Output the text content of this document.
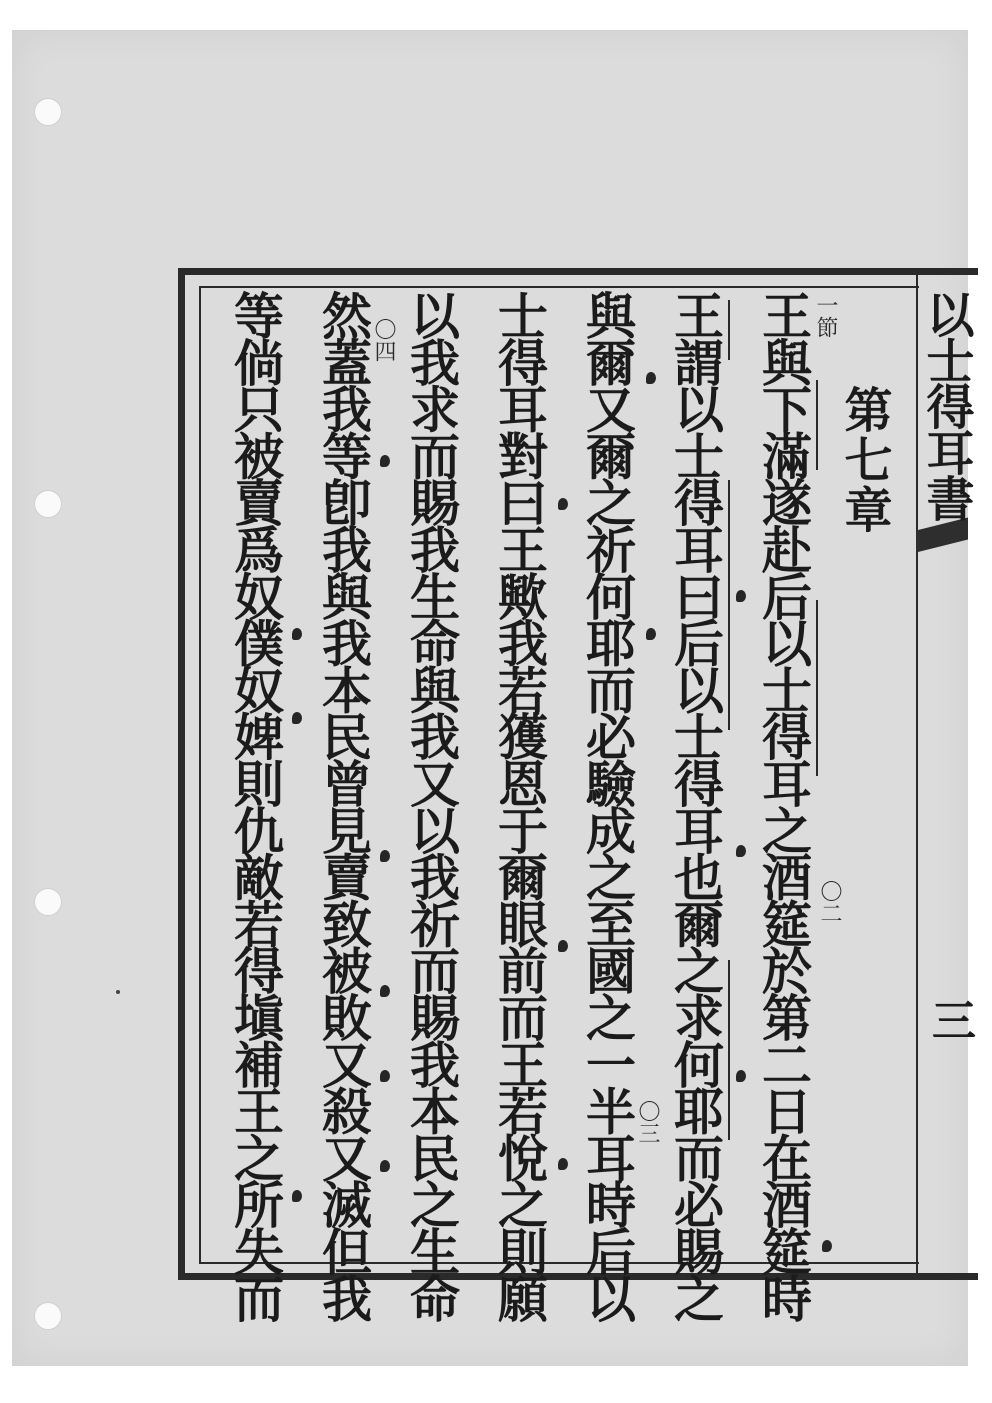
以士得耳書
三
第七章
一節
〇二
〇三
〇四	王與下滿遂赴后以士得耳之酒筵於第二日在酒筵時
王謂以士得耳曰后以士得耳也爾之求何耶而必賜之
與爾又爾之祈何耶而必驗成之至國之一半耳時后以
士得耳對曰王歟我若獲恩于爾眼前而王若悅之則願
以我求而賜我生命與我又以我祈而賜我本民之生命
然蓋我等卽我與我本民曾見賣致被敗又殺又滅但我
等倘只被賣爲奴僕奴婢則仇敵若得塡補王之所失而
